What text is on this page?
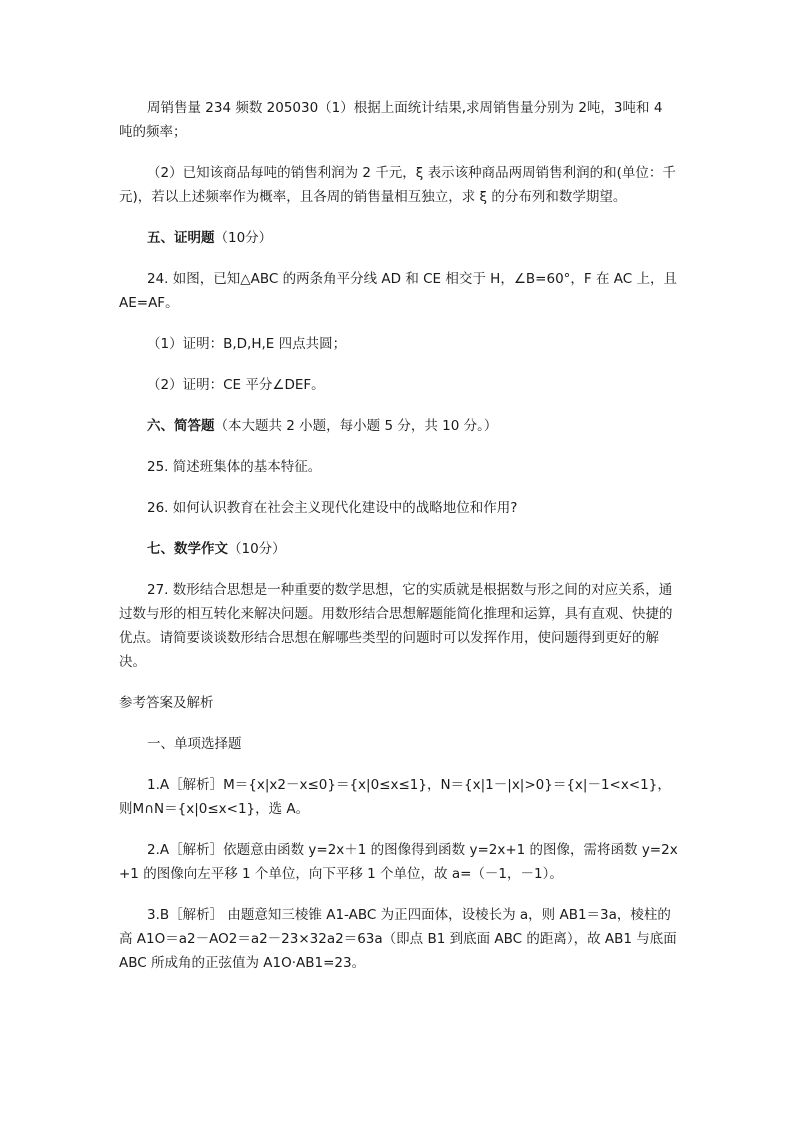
周销售量 234 频数 205030（1）根据上面统计结果,求周销售量分别为 2吨，3吨和 4 吨的频率；

（2）已知该商品每吨的销售利润为 2 千元，ξ 表示该种商品两周销售利润的和(单位：千元)，若以上述频率作为概率，且各周的销售量相互独立，求 ξ 的分布列和数学期望。

五、证明题（10分）

24. 如图，已知△ABC 的两条角平分线 AD 和 CE 相交于 H，∠B=60°，F 在 AC 上，且 AE=AF。

（1）证明：B,D,H,E 四点共圆；

（2）证明：CE 平分∠DEF。

六、简答题（本大题共 2 小题，每小题 5 分，共 10 分。）

25. 简述班集体的基本特征。

26. 如何认识教育在社会主义现代化建设中的战略地位和作用?

七、数学作文（10分）

27. 数形结合思想是一种重要的数学思想，它的实质就是根据数与形之间的对应关系，通过数与形的相互转化来解决问题。用数形结合思想解题能简化推理和运算，具有直观、快捷的优点。请简要谈谈数形结合思想在解哪些类型的问题时可以发挥作用，使问题得到更好的解决。

参考答案及解析

一、单项选择题

1.A［解析］M＝{x|x2－x≤0}＝{x|0≤x≤1}，N＝{x|1－|x|>0}＝{x|－1<x<1}，则M∩N＝{x|0≤x<1}，选 A。

2.A［解析］依题意由函数 y=2x＋1 的图像得到函数 y=2x+1 的图像，需将函数 y=2x+1 的图像向左平移 1 个单位，向下平移 1 个单位，故 a=（－1，－1）。

3.B［解析］ 由题意知三棱锥 A1-ABC 为正四面体，设棱长为 a，则 AB1＝3a，棱柱的高 A1O＝a2－AO2＝a2－23×32a2＝63a（即点 B1 到底面 ABC 的距离），故 AB1 与底面 ABC 所成角的正弦值为 A1O·AB1=23。
